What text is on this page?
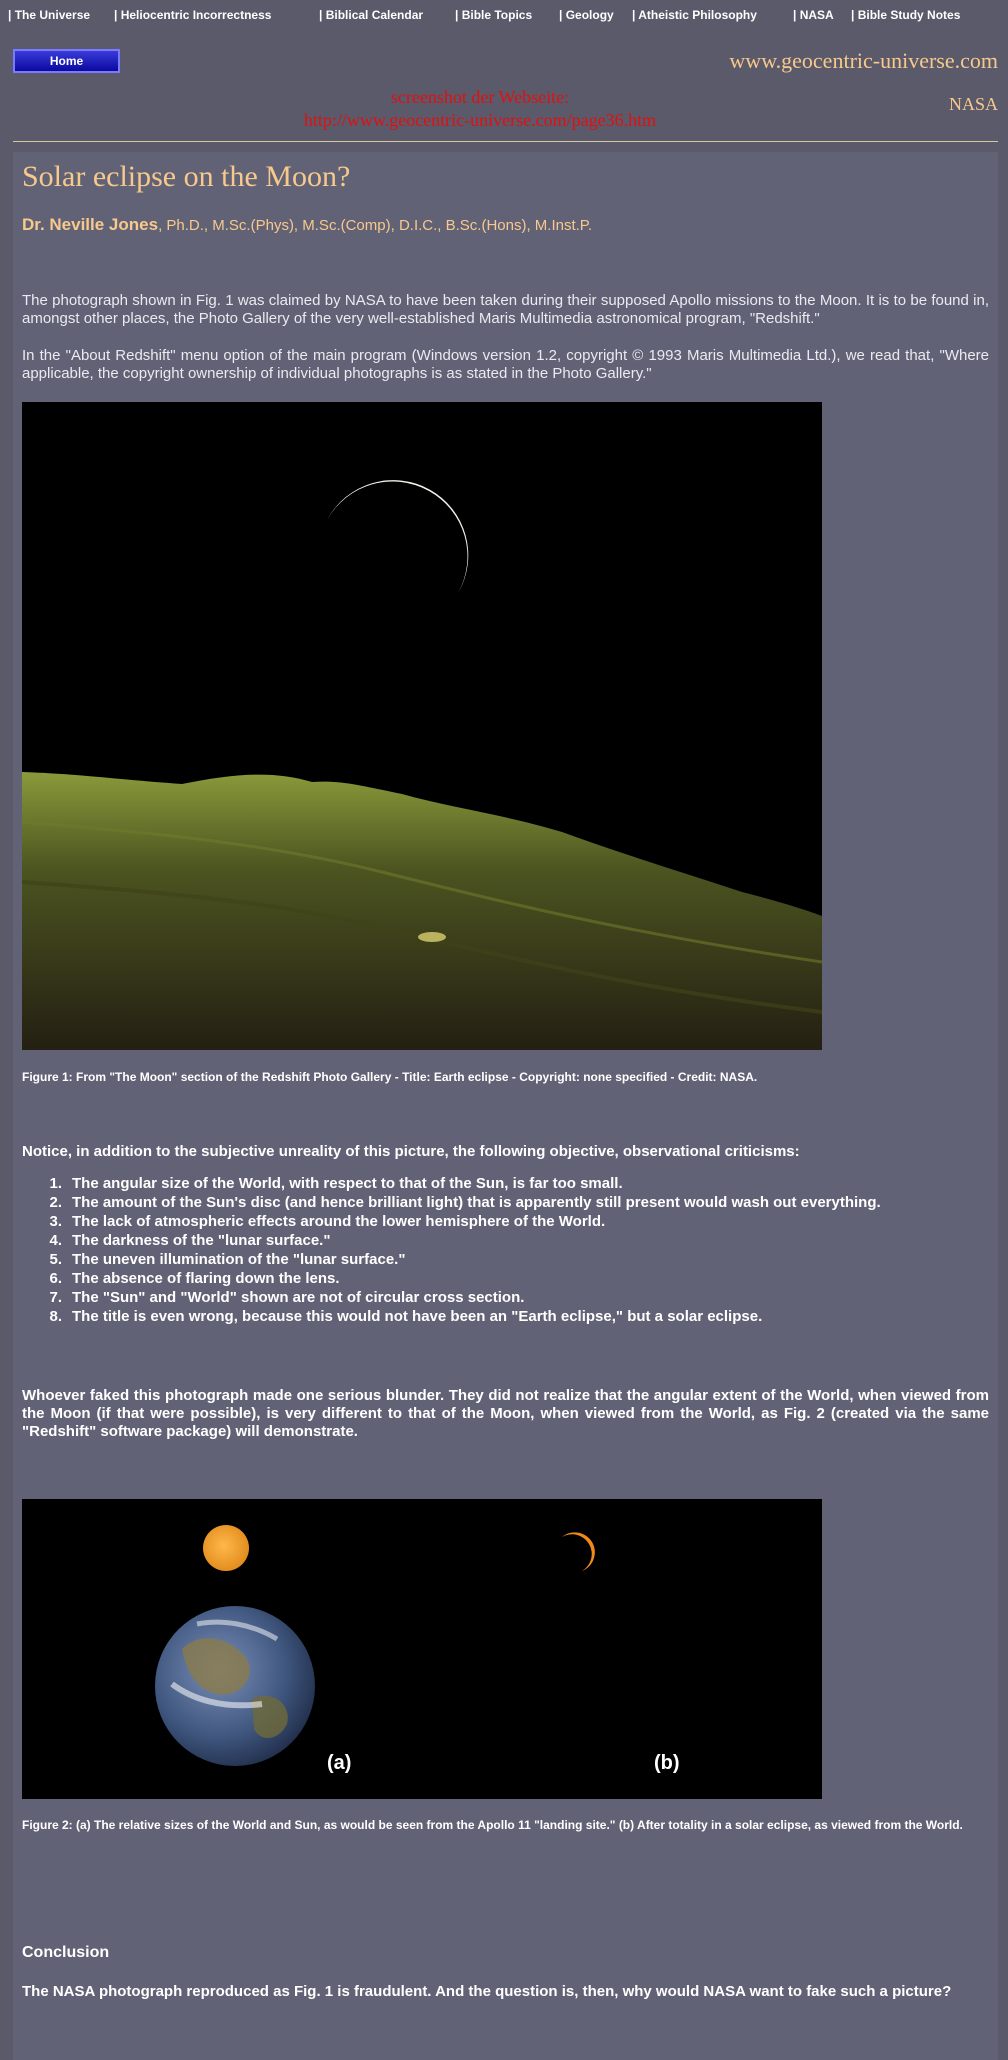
| The Universe | Heliocentric Incorrectness	| Biblical Calendar	| Bible Topics | Geology | Atheistic Philosophy	| NASA | Bible Study Notes
Home	www.geocentric-universe.com
NASA
screenshot der Webseite:
http://www.geocentric-universe.com/page36.htm
Solar eclipse on the Moon?
Dr. Neville Jones, Ph.D., M.Sc.(Phys), M.Sc.(Comp), D.I.C., B.Sc.(Hons), M.Inst.P.
The photograph shown in Fig. 1 was claimed by NASA to have been taken during their supposed Apollo missions to the Moon. It is to be found in, amongst other places, the Photo Gallery of the very well-established Maris Multimedia astronomical program, "Redshift."
In the "About Redshift" menu option of the main program (Windows version 1.2, copyright © 1993 Maris Multimedia Ltd.), we read that, "Where applicable, the copyright ownership of individual photographs is as stated in the Photo Gallery."
Figure 1: From "The Moon" section of the Redshift Photo Gallery - Title: Earth eclipse - Copyright: none specified - Credit: NASA.
Notice, in addition to the subjective unreality of this picture, the following objective, observational criticisms:
1. The angular size of the World, with respect to that of the Sun, is far too small.
2. The amount of the Sun's disc (and hence brilliant light) that is apparently still present would wash out everything.
3. The lack of atmospheric effects around the lower hemisphere of the World.
4. The darkness of the "lunar surface."
5. The uneven illumination of the "lunar surface."
6. The absence of flaring down the lens.
7. The "Sun" and "World" shown are not of circular cross section.
8. The title is even wrong, because this would not have been an "Earth eclipse," but a solar eclipse.
Whoever faked this photograph made one serious blunder. They did not realize that the angular extent of the World, when viewed from the Moon (if that were possible), is very different to that of the Moon, when viewed from the World, as Fig. 2 (created via the same "Redshift" software package) will demonstrate.
(a)	(b)
Figure 2: (a) The relative sizes of the World and Sun, as would be seen from the Apollo 11 "landing site." (b) After totality in a solar eclipse, as viewed from the World.
Conclusion
The NASA photograph reproduced as Fig. 1 is fraudulent. And the question is, then, why would NASA want to fake such a picture?
